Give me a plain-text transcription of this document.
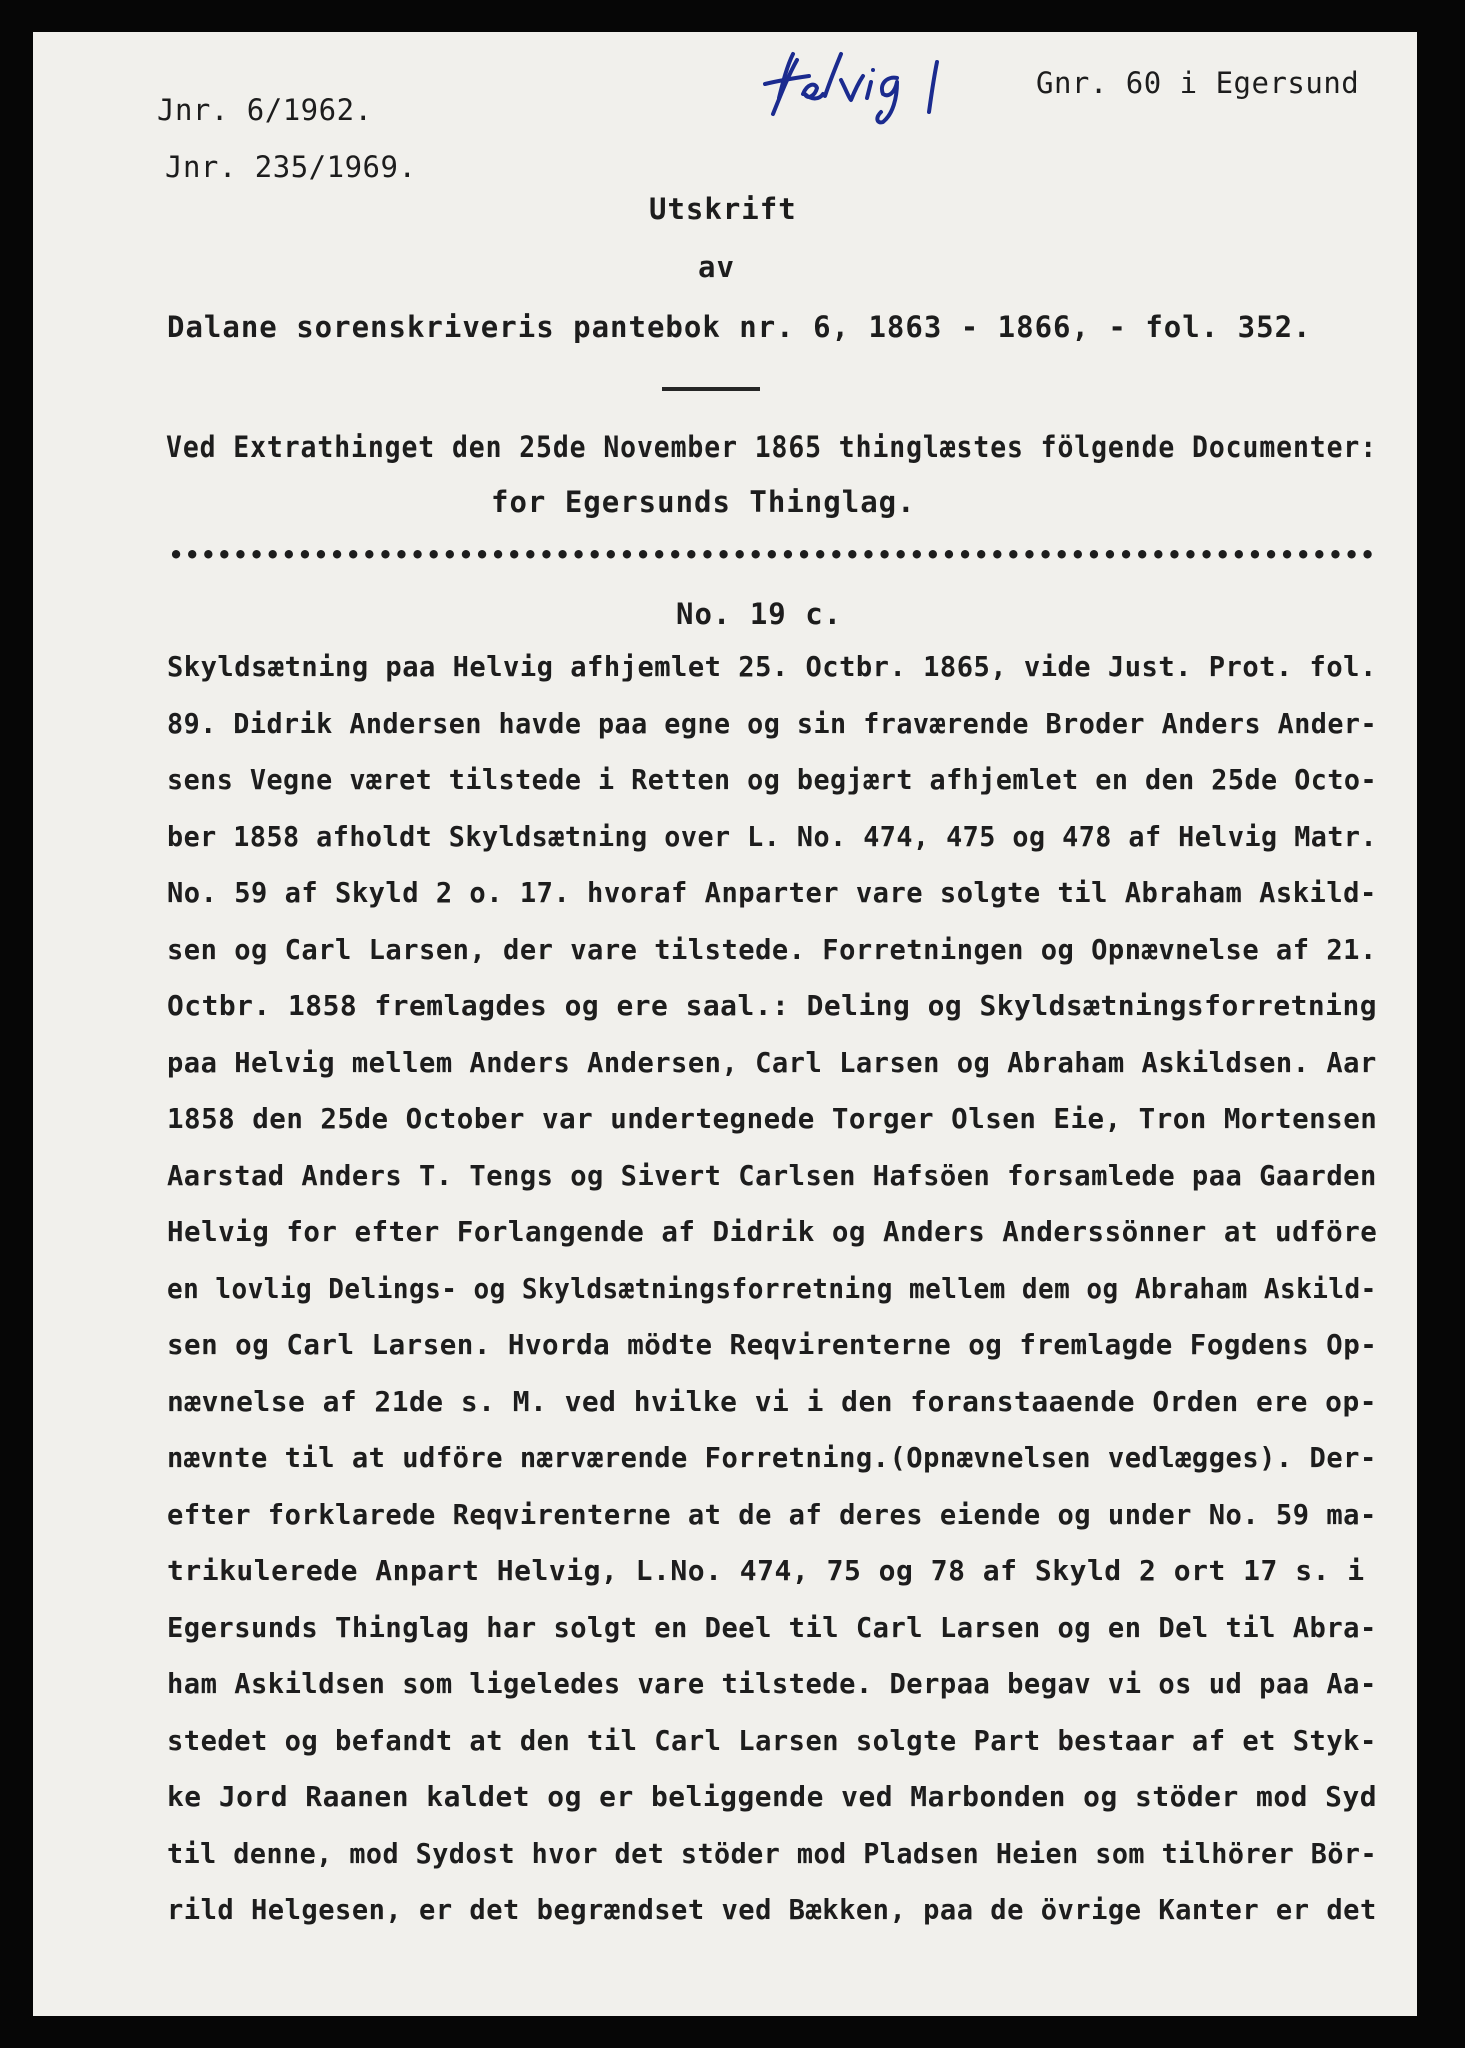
Jnr. 6/1962.
Jnr. 235/1969.
Gnr. 60 i Egersund
Utskrift
av
Dalane sorenskriveris pantebok nr. 6, 1863 - 1866, - fol. 352.
Ved Extrathinget den 25de November 1865 thinglæstes fölgende Documenter:
for Egersunds Thinglag.
•••••••••••••••••••••••••••••••••••••••••••••••••••••••••••••••••••••••••••
No. 19 c.
Skyldsætning paa Helvig afhjemlet 25. Octbr. 1865, vide Just. Prot. fol.
89. Didrik Andersen havde paa egne og sin fraværende Broder Anders Ander-
sens Vegne været tilstede i Retten og begjært afhjemlet en den 25de Octo-
ber 1858 afholdt Skyldsætning over L. No. 474, 475 og 478 af Helvig Matr.
No. 59 af Skyld 2 o. 17. hvoraf Anparter vare solgte til Abraham Askild-
sen og Carl Larsen, der vare tilstede. Forretningen og Opnævnelse af 21.
Octbr. 1858 fremlagdes og ere saal.: Deling og Skyldsætningsforretning
paa Helvig mellem Anders Andersen, Carl Larsen og Abraham Askildsen. Aar
1858 den 25de October var undertegnede Torger Olsen Eie, Tron Mortensen
Aarstad Anders T. Tengs og Sivert Carlsen Hafsöen forsamlede paa Gaarden
Helvig for efter Forlangende af Didrik og Anders Anderssönner at udföre
en lovlig Delings- og Skyldsætningsforretning mellem dem og Abraham Askild-
sen og Carl Larsen. Hvorda mödte Reqvirenterne og fremlagde Fogdens Op-
nævnelse af 21de s. M. ved hvilke vi i den foranstaaende Orden ere op-
nævnte til at udföre nærværende Forretning.(Opnævnelsen vedlægges). Der-
efter forklarede Reqvirenterne at de af deres eiende og under No. 59 ma-
trikulerede Anpart Helvig, L.No. 474, 75 og 78 af Skyld 2 ort 17 s. i
Egersunds Thinglag har solgt en Deel til Carl Larsen og en Del til Abra-
ham Askildsen som ligeledes vare tilstede. Derpaa begav vi os ud paa Aa-
stedet og befandt at den til Carl Larsen solgte Part bestaar af et Styk-
ke Jord Raanen kaldet og er beliggende ved Marbonden og stöder mod Syd
til denne, mod Sydost hvor det stöder mod Pladsen Heien som tilhörer Bör-
rild Helgesen, er det begrændset ved Bækken, paa de övrige Kanter er det
